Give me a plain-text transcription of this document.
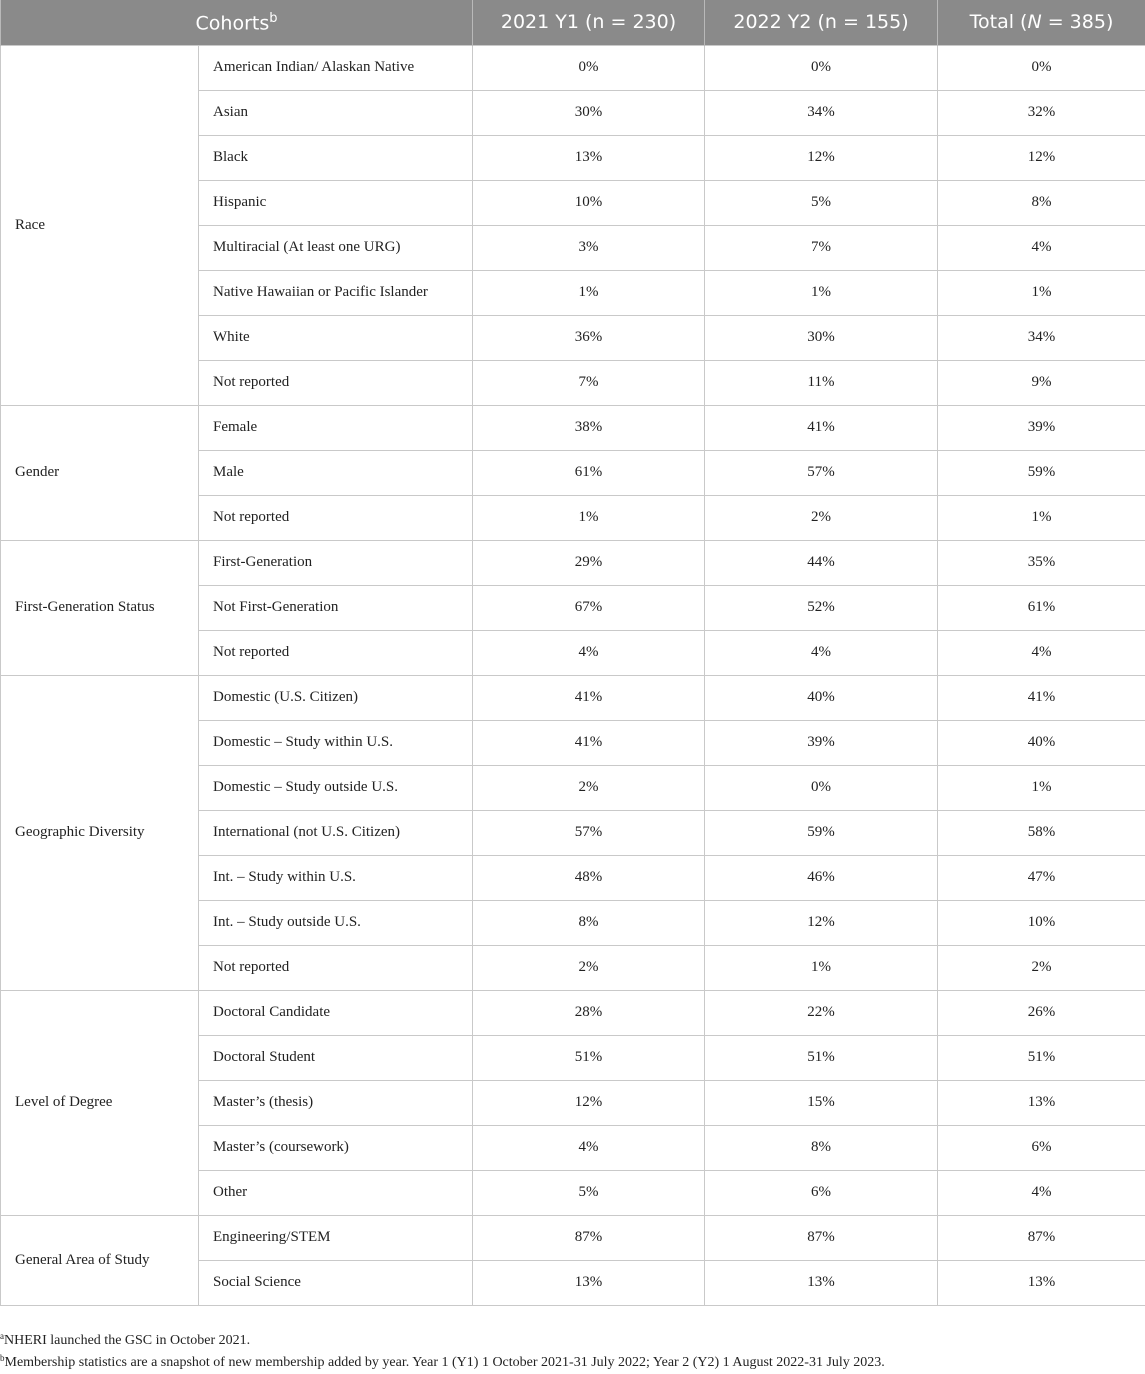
Cohorts$^b$		2021 Y1 (n = 230)	2022 Y2 (n = 155)	Total (N = 385)
Race	American Indian/ Alaskan Native	0%	0%	0%
	Asian	30%	34%	32%
	Black	13%	12%	12%
	Hispanic	10%	5%	8%
	Multiracial (At least one URG)	3%	7%	4%
	Native Hawaiian or Pacific Islander	1%	1%	1%
	White	36%	30%	34%
	Not reported	7%	11%	9%
Gender	Female	38%	41%	39%
	Male	61%	57%	59%
	Not reported	1%	2%	1%
First-Generation Status	First-Generation	29%	44%	35%
	Not First-Generation	67%	52%	61%
	Not reported	4%	4%	4%
Geographic Diversity	Domestic (U.S. Citizen)	41%	40%	41%
	Domestic – Study within U.S.	41%	39%	40%
	Domestic – Study outside U.S.	2%	0%	1%
	International (not U.S. Citizen)	57%	59%	58%
	Int. – Study within U.S.	48%	46%	47%
	Int. – Study outside U.S.	8%	12%	10%
	Not reported	2%	1%	2%
Level of Degree	Doctoral Candidate	28%	22%	26%
	Doctoral Student	51%	51%	51%
	Master’s (thesis)	12%	15%	13%
	Master’s (coursework)	4%	8%	6%
	Other	5%	6%	4%
General Area of Study	Engineering/STEM	87%	87%	87%
	Social Science	13%	13%	13%

$^a$NHERI launched the GSC in October 2021.

$^b$Membership statistics are a snapshot of new membership added by year. Year 1 (Y1) 1 October 2021-31 July 2022; Year 2 (Y2) 1 August 2022-31 July 2023.
